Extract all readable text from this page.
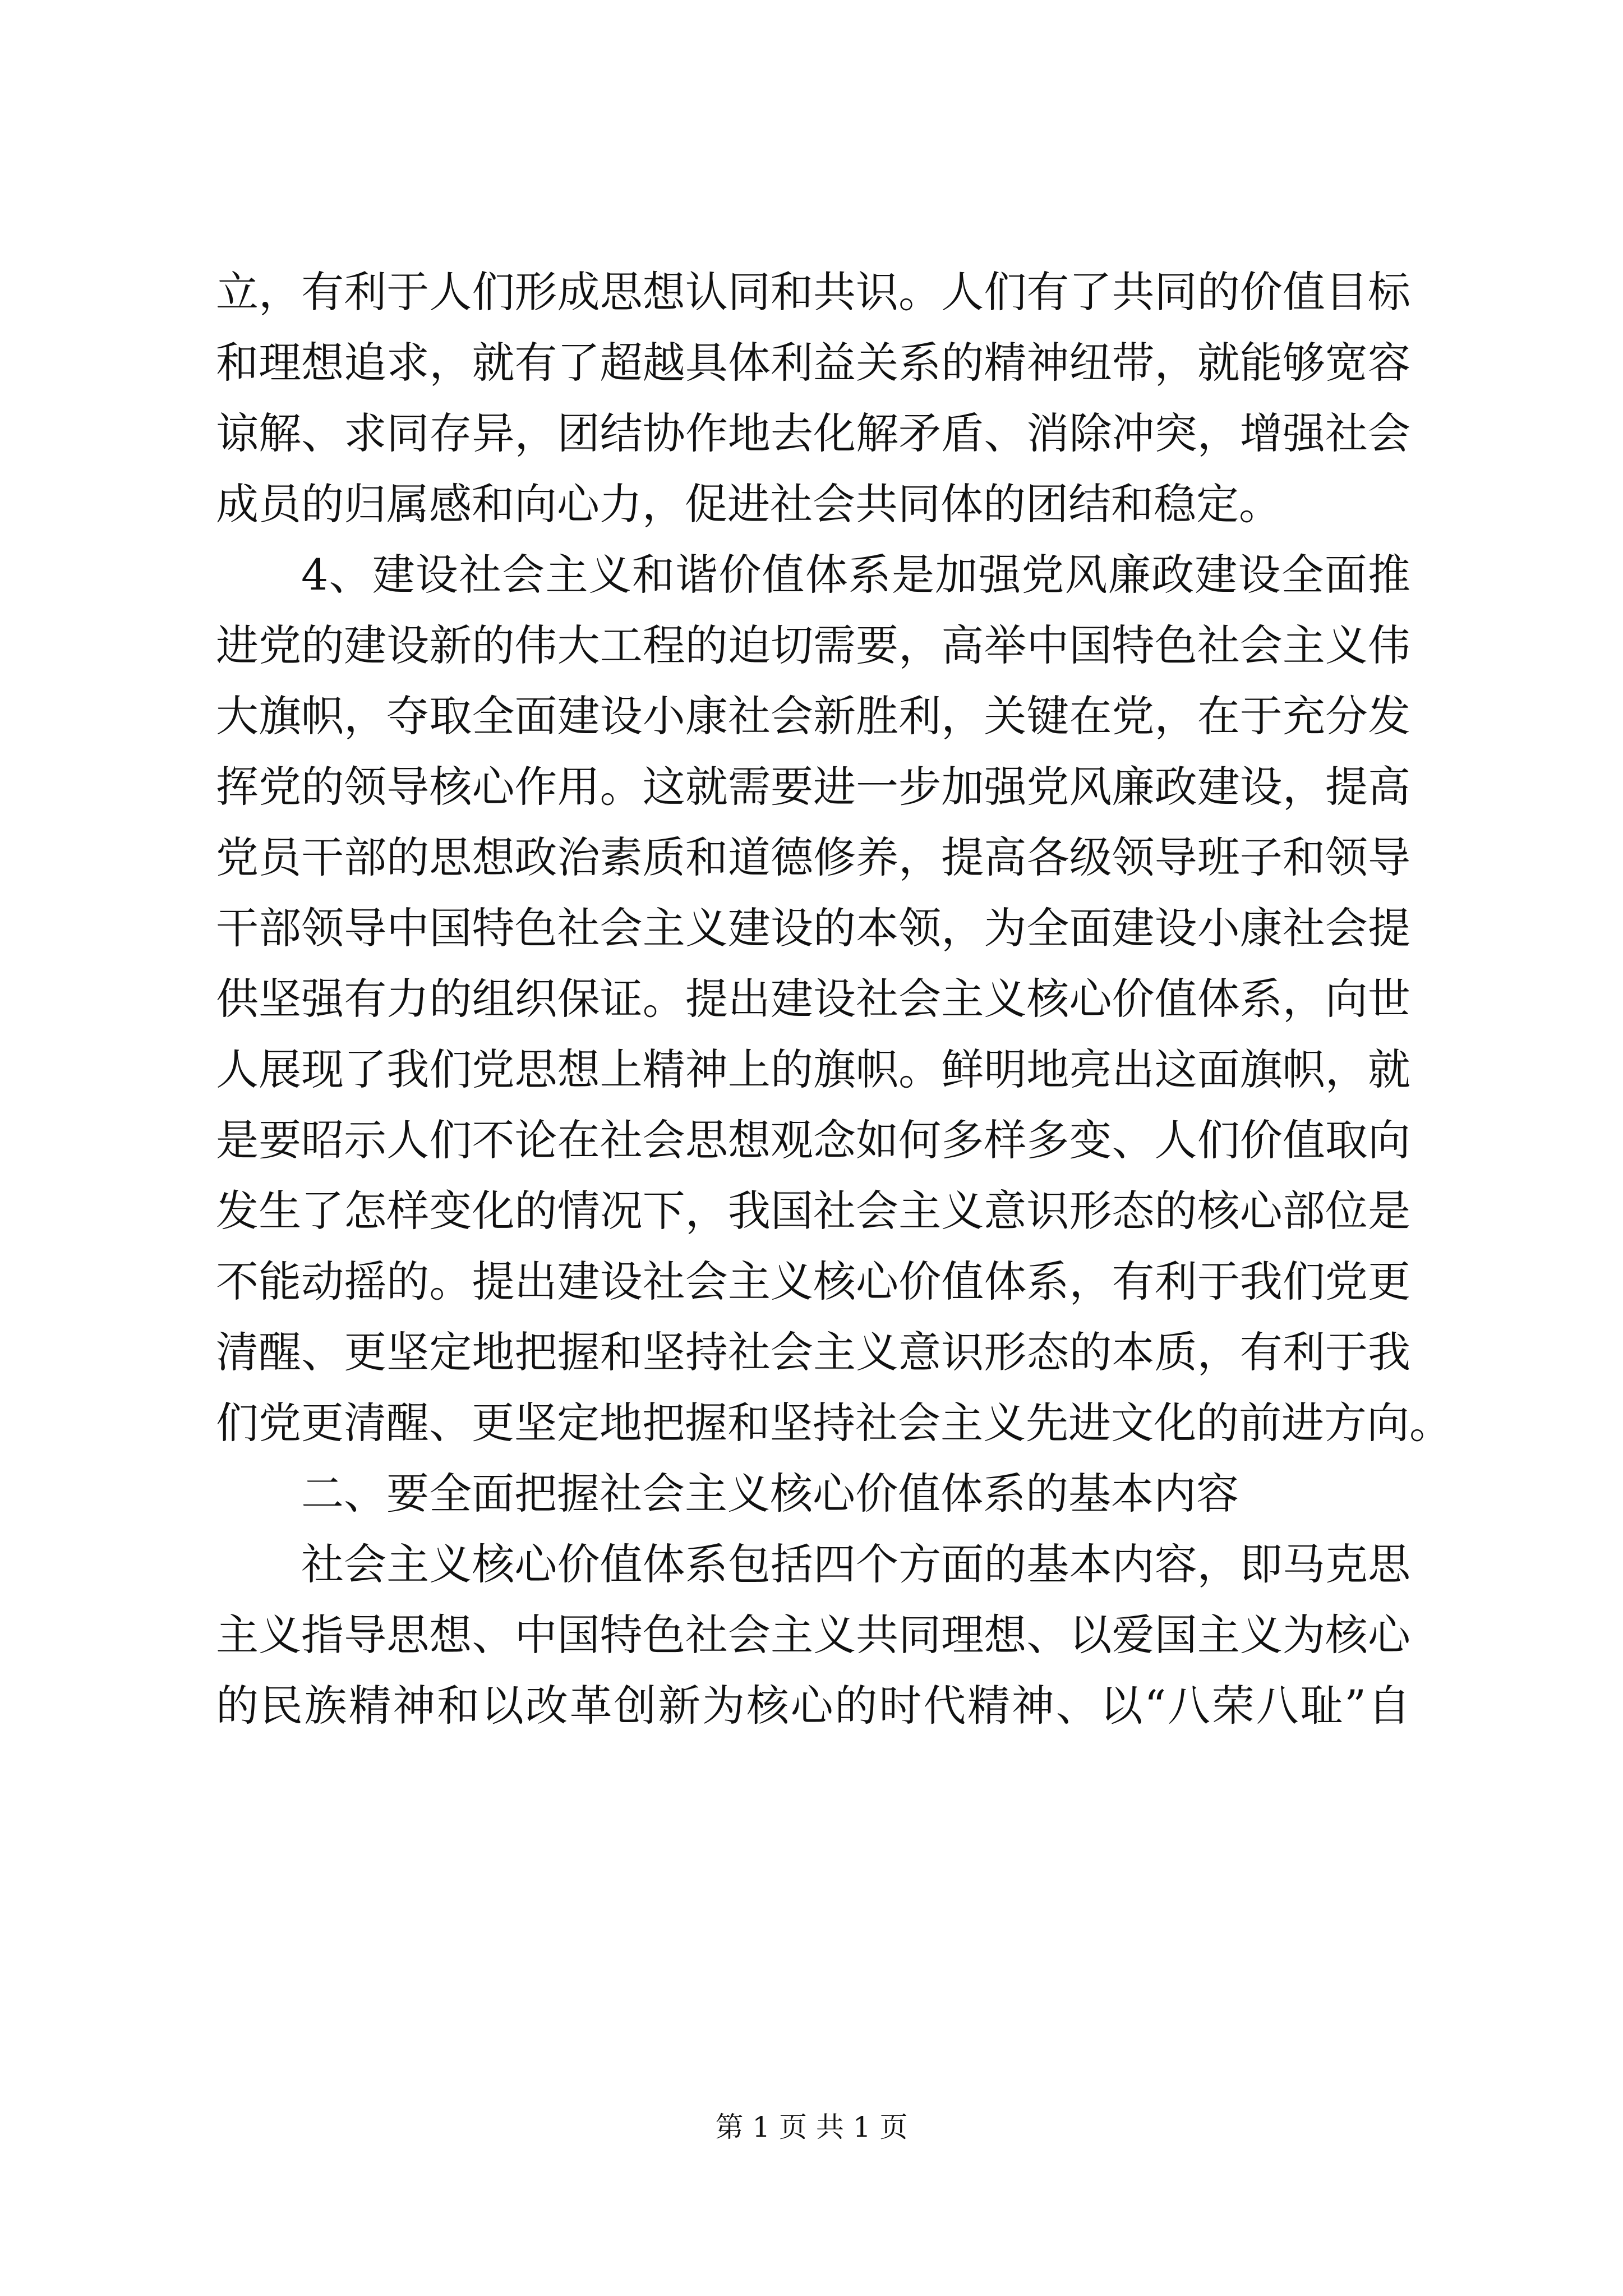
立，有利于人们形成思想认同和共识。人们有了共同的价值目标
和理想追求，就有了超越具体利益关系的精神纽带，就能够宽容
谅解、求同存异，团结协作地去化解矛盾、消除冲突，增强社会
成员的归属感和向心力，促进社会共同体的团结和稳定。
4、建设社会主义和谐价值体系是加强党风廉政建设全面推
进党的建设新的伟大工程的迫切需要，高举中国特色社会主义伟
大旗帜，夺取全面建设小康社会新胜利，关键在党，在于充分发
挥党的领导核心作用。这就需要进一步加强党风廉政建设，提高
党员干部的思想政治素质和道德修养，提高各级领导班子和领导
干部领导中国特色社会主义建设的本领，为全面建设小康社会提
供坚强有力的组织保证。提出建设社会主义核心价值体系，向世
人展现了我们党思想上精神上的旗帜。鲜明地亮出这面旗帜，就
是要昭示人们不论在社会思想观念如何多样多变、人们价值取向
发生了怎样变化的情况下，我国社会主义意识形态的核心部位是
不能动摇的。提出建设社会主义核心价值体系，有利于我们党更
清醒、更坚定地把握和坚持社会主义意识形态的本质，有利于我
们党更清醒、更坚定地把握和坚持社会主义先进文化的前进方向。
二、要全面把握社会主义核心价值体系的基本内容
社会主义核心价值体系包括四个方面的基本内容，即马克思
主义指导思想、中国特色社会主义共同理想、以爱国主义为核心
的民族精神和以改革创新为核心的时代精神、以“八荣八耻”自
第 1 页 共 1 页
